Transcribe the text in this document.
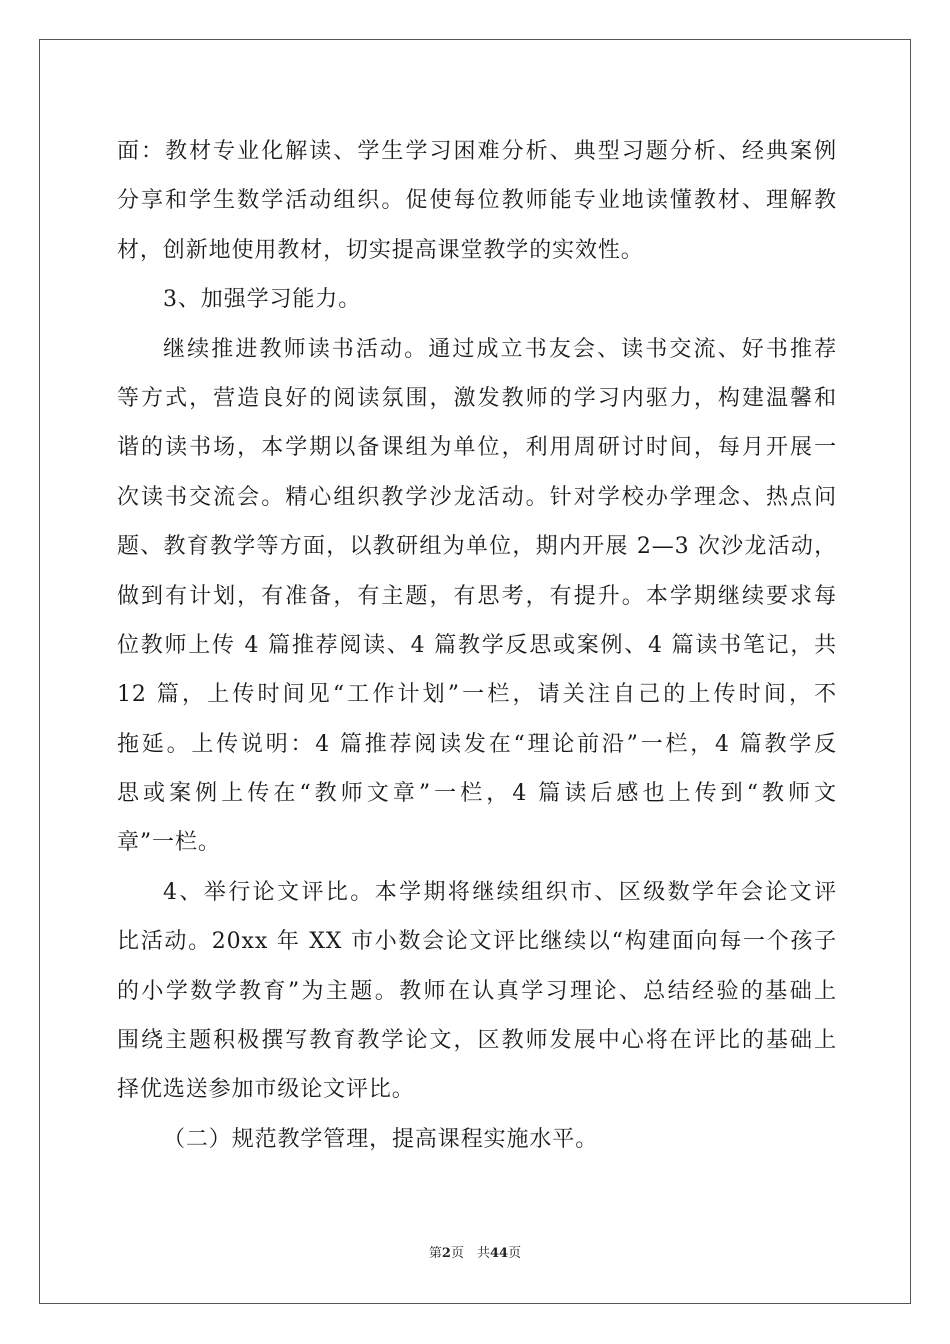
面：教材专业化解读、学生学习困难分析、典型习题分析、经典案例
分享和学生数学活动组织。促使每位教师能专业地读懂教材、理解教
材，创新地使用教材，切实提高课堂教学的实效性。
3、加强学习能力。
继续推进教师读书活动。通过成立书友会、读书交流、好书推荐
等方式，营造良好的阅读氛围，激发教师的学习内驱力，构建温馨和
谐的读书场，本学期以备课组为单位，利用周研讨时间，每月开展一
次读书交流会。精心组织教学沙龙活动。针对学校办学理念、热点问
题、教育教学等方面，以教研组为单位，期内开展 2—3 次沙龙活动，
做到有计划，有准备，有主题，有思考，有提升。本学期继续要求每
位教师上传 4 篇推荐阅读、4 篇教学反思或案例、4 篇读书笔记，共
12 篇，上传时间见“工作计划”一栏，请关注自己的上传时间，不
拖延。上传说明：4 篇推荐阅读发在“理论前沿”一栏，4 篇教学反
思或案例上传在“教师文章”一栏，4 篇读后感也上传到“教师文
章”一栏。
4、举行论文评比。本学期将继续组织市、区级数学年会论文评
比活动。20xx 年 XX 市小数会论文评比继续以“构建面向每一个孩子
的小学数学教育”为主题。教师在认真学习理论、总结经验的基础上
围绕主题积极撰写教育教学论文，区教师发展中心将在评比的基础上
择优选送参加市级论文评比。
（二）规范教学管理，提高课程实施水平。
第2页　共44页
